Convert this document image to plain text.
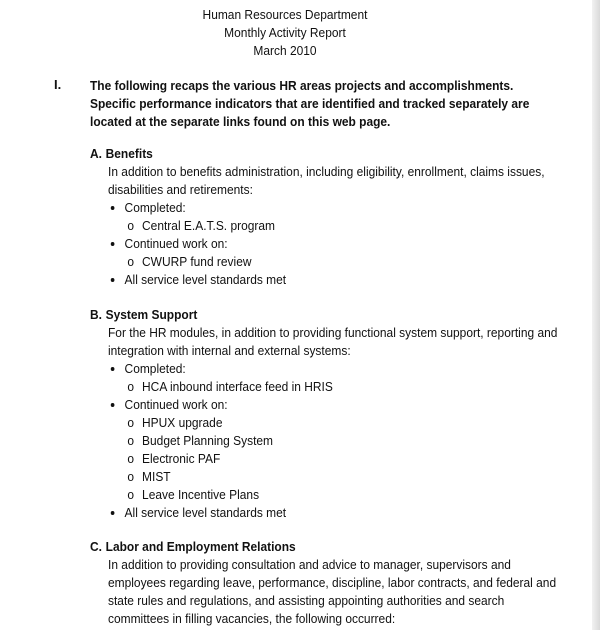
Human Resources Department
Monthly Activity Report
March 2010
I. The following recaps the various HR areas projects and accomplishments.
Specific performance indicators that are identified and tracked separately are
located at the separate links found on this web page.
A. Benefits
In addition to benefits administration, including eligibility, enrollment, claims issues,
disabilities and retirements:
Completed:
o Central E.A.T.S. program
Continued work on:
o CWURP fund review
All service level standards met
B. System Support
For the HR modules, in addition to providing functional system support, reporting and
integration with internal and external systems:
Completed:
o HCA inbound interface feed in HRIS
Continued work on:
o HPUX upgrade
o Budget Planning System
o Electronic PAF
o MIST
o Leave Incentive Plans
All service level standards met
C. Labor and Employment Relations
In addition to providing consultation and advice to manager, supervisors and
employees regarding leave, performance, discipline, labor contracts, and federal and
state rules and regulations, and assisting appointing authorities and search
committees in filling vacancies, the following occurred:
